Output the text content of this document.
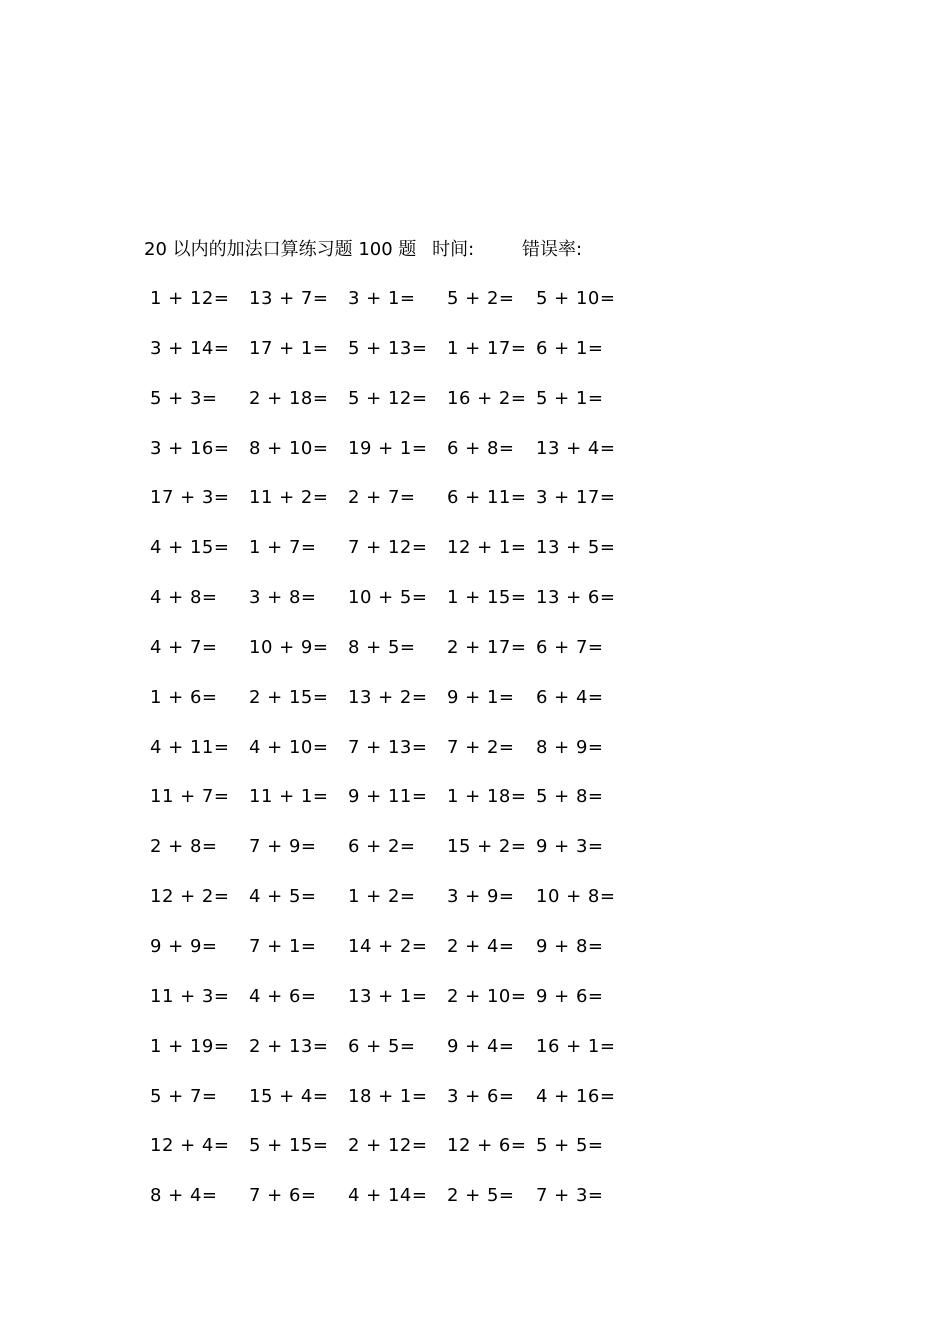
20 以内的加法口算练习题 100 题 时间:	错误率:
1 + 12= 13 + 7= 3 + 1= 5 + 2= 5 + 10=
3 + 14= 17 + 1= 5 + 13= 1 + 17= 6 + 1=
5 + 3= 2 + 18= 5 + 12= 16 + 2= 5 + 1=
3 + 16= 8 + 10= 19 + 1= 6 + 8= 13 + 4=
17 + 3= 11 + 2= 2 + 7= 6 + 11= 3 + 17=
4 + 15= 1 + 7= 7 + 12= 12 + 1= 13 + 5=
4 + 8= 3 + 8= 10 + 5= 1 + 15= 13 + 6=
4 + 7= 10 + 9= 8 + 5= 2 + 17= 6 + 7=
1 + 6= 2 + 15= 13 + 2= 9 + 1= 6 + 4=
4 + 11= 4 + 10= 7 + 13= 7 + 2= 8 + 9=
11 + 7= 11 + 1= 9 + 11= 1 + 18= 5 + 8=
2 + 8= 7 + 9= 6 + 2= 15 + 2= 9 + 3=
12 + 2= 4 + 5= 1 + 2= 3 + 9= 10 + 8=
9 + 9= 7 + 1= 14 + 2= 2 + 4= 9 + 8=
11 + 3= 4 + 6= 13 + 1= 2 + 10= 9 + 6=
1 + 19= 2 + 13= 6 + 5= 9 + 4= 16 + 1=
5 + 7= 15 + 4= 18 + 1= 3 + 6= 4 + 16=
12 + 4= 5 + 15= 2 + 12= 12 + 6= 5 + 5=
8 + 4= 7 + 6= 4 + 14= 2 + 5= 7 + 3=
